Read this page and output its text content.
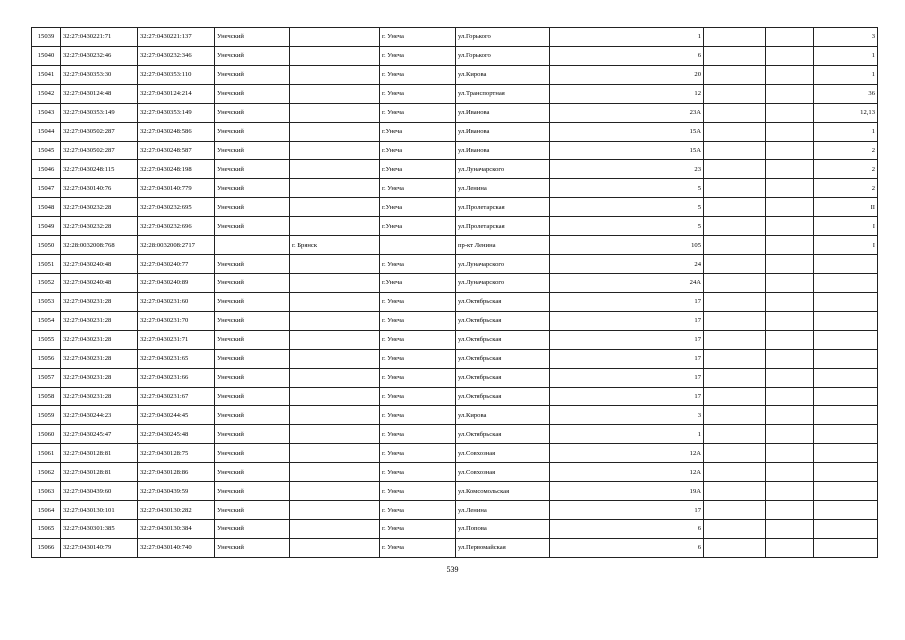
15039	32:27:0430221:71	32:27:0430221:137	Унечский		г. Унеча	ул.Горького	1			3
15040	32:27:0430232:46	32:27:0430232:346	Унечский		г. Унеча	ул.Горького	6			1
15041	32:27:0430353:30	32:27:0430353:110	Унечский		г. Унеча	ул.Кирова	20			1
15042	32:27:0430124:48	32:27:0430124:214	Унечский		г. Унеча	ул.Транспортная	12			36
15043	32:27:0430353:149	32:27:0430353:149	Унечский		г. Унеча	ул.Иванова	23А			12,13
15044	32:27:0430502:287	32:27:0430248:586	Унечский		г.Унеча	ул.Иванова	15А			1
15045	32:27:0430502:287	32:27:0430248:587	Унечский		г.Унеча	ул.Иванова	15А			2
15046	32:27:0430248:115	32:27:0430248:198	Унечский		г.Унеча	ул.Луначарского	23			2
15047	32:27:0430140:76	32:27:0430140:779	Унечский		г. Унеча	ул.Ленина	5			2
15048	32:27:0430232:28	32:27:0430232:695	Унечский		г.Унеча	ул.Пролетарская	5			II
15049	32:27:0430232:28	32:27:0430232:696	Унечский		г.Унеча	ул.Пролетарская	5			I
15050	32:28:0032008:768	32:28:0032008:2717		г. Брянск		пр-кт Ленина	105			I
15051	32:27:0430240:48	32:27:0430240:77	Унечский		г. Унеча	ул.Луначарского	24			
15052	32:27:0430240:48	32:27:0430240:89	Унечский		г.Унеча	ул.Луначарского	24А			
15053	32:27:0430231:28	32:27:0430231:60	Унечский		г. Унеча	ул.Октябрьская	17			
15054	32:27:0430231:28	32:27:0430231:70	Унечский		г. Унеча	ул.Октябрьская	17			
15055	32:27:0430231:28	32:27:0430231:71	Унечский		г. Унеча	ул.Октябрьская	17			
15056	32:27:0430231:28	32:27:0430231:65	Унечский		г. Унеча	ул.Октябрьская	17			
15057	32:27:0430231:28	32:27:0430231:66	Унечский		г. Унеча	ул.Октябрьская	17			
15058	32:27:0430231:28	32:27:0430231:67	Унечский		г. Унеча	ул.Октябрьская	17			
15059	32:27:0430244:23	32:27:0430244:45	Унечский		г. Унеча	ул.Кирова	3			
15060	32:27:0430245:47	32:27:0430245:48	Унечский		г. Унеча	ул.Октябрьская	1			
15061	32:27:0430128:81	32:27:0430128:75	Унечский		г. Унеча	ул.Совхозная	12А			
15062	32:27:0430128:81	32:27:0430128:86	Унечский		г. Унеча	ул.Совхозная	12А			
15063	32:27:0430439:60	32:27:0430439:59	Унечский		г. Унеча	ул.Комсомольская	19А			
15064	32:27:0430130:101	32:27:0430130:282	Унечский		г. Унеча	ул.Ленина	17			
15065	32:27:0430301:385	32:27:0430130:384	Унечский		г. Унеча	ул.Попова	6			
15066	32:27:0430140:79	32:27:0430140:740	Унечский		г. Унеча	ул.Первомайская	6			
539
